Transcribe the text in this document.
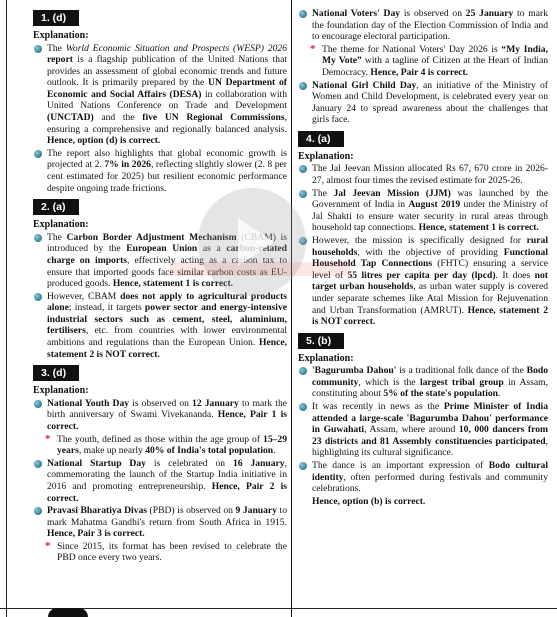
1. (d)
Explanation:
The World Economic Situation and Prospects (WESP) 2026 report is a flagship publication of the United Nations that provides an assessment of global economic trends and future outlook. It is primarily prepared by the UN Department of Economic and Social Affairs (DESA) in collaboration with United Nations Conference on Trade and Development (UNCTAD) and the five UN Regional Commissions, ensuring a comprehensive and regionally balanced analysis. Hence, option (d) is correct.
The report also highlights that global economic growth is projected at 2. 7% in 2026, reflecting slightly slower (2. 8 per cent estimated for 2025) but resilient economic performance despite ongoing trade frictions.
2. (a)
Explanation:
The Carbon Border Adjustment Mechanism (CBAM) is introduced by the European Union as a carbon-related charge on imports, effectively acting as a carbon tax to ensure that imported goods face similar carbon costs as EU-produced goods. Hence, statement 1 is correct.
However, CBAM does not apply to agricultural products alone; instead, it targets power sector and energy-intensive industrial sectors such as cement, steel, aluminium, fertilisers, etc. from countries with lower environmental ambitions and regulations than the European Union. Hence, statement 2 is NOT correct.
3. (d)
Explanation:
National Youth Day is observed on 12 January to mark the birth anniversary of Swami Vivekananda. Hence, Pair 1 is correct.
* The youth, defined as those within the age group of 15–29 years, make up nearly 40% of India's total population.
National Startup Day is celebrated on 16 January, commemorating the launch of the Startup India initiative in 2016 and promoting entrepreneurship. Hence, Pair 2 is correct.
Pravasi Bharatiya Divas (PBD) is observed on 9 January to mark Mahatma Gandhi's return from South Africa in 1915. Hence, Pair 3 is correct.
* Since 2015, its format has been revised to celebrate the PBD once every two years.
National Voters' Day is observed on 25 January to mark the foundation day of the Election Commission of India and to encourage electoral participation.
* The theme for National Voters' Day 2026 is “My India, My Vote” with a tagline of Citizen at the Heart of Indian Democracy. Hence, Pair 4 is correct.
National Girl Child Day, an initiative of the Ministry of Women and Child Development, is celebrated every year on January 24 to spread awareness about the challenges that girls face.
4. (a)
Explanation:
The Jal Jeevan Mission allocated Rs 67, 670 crore in 2026-27, almost four times the revised estimate for 2025-26.
The Jal Jeevan Mission (JJM) was launched by the Government of India in August 2019 under the Ministry of Jal Shakti to ensure water security in rural areas through household tap connections. Hence, statement 1 is correct.
However, the mission is specifically designed for rural households, with the objective of providing Functional Household Tap Connections (FHTC) ensuring a service level of 55 litres per capita per day (lpcd). It does not target urban households, as urban water supply is covered under separate schemes like Atal Mission for Rejuvenation and Urban Transformation (AMRUT). Hence, statement 2 is NOT correct.
5. (b)
Explanation:
'Bagurumba Dahou' is a traditional folk dance of the Bodo community, which is the largest tribal group in Assam, constituting about 5% of the state's population.
It was recently in news as the Prime Minister of India attended a large-scale 'Bagurumba Dahou' performance in Guwahati, Assam, where around 10, 000 dancers from 23 districts and 81 Assembly constituencies participated, highlighting its cultural significance.
The dance is an important expression of Bodo cultural identity, often performed during festivals and community celebrations.
Hence, option (b) is correct.
